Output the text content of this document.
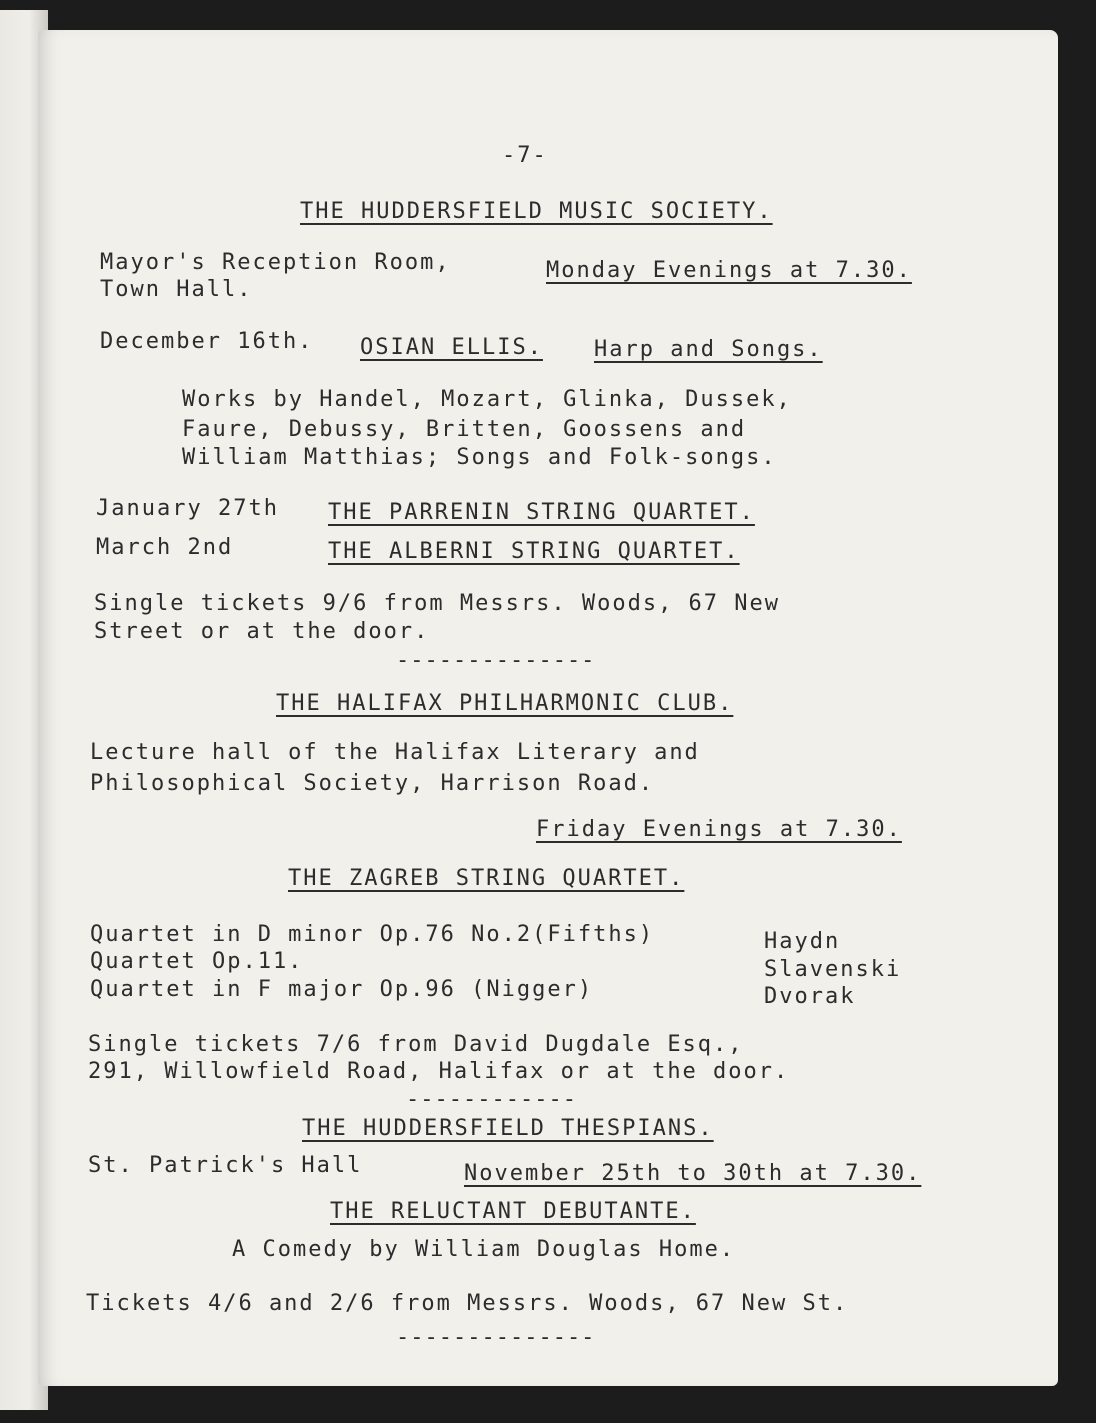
-7-
THE HUDDERSFIELD MUSIC SOCIETY.
Mayor's Reception Room,
Town Hall.
Monday Evenings at 7.30.
December 16th. OSIAN ELLIS. Harp and Songs.
Works by Handel, Mozart, Glinka, Dussek,
Faure, Debussy, Britten, Goossens and
William Matthias; Songs and Folk-songs.
January 27th THE PARRENIN STRING QUARTET.
March 2nd	THE ALBERNI STRING QUARTET.
Single tickets 9/6 from Messrs. Woods, 67 New
Street or at the door.
--------------
THE HALIFAX PHILHARMONIC CLUB.
Lecture hall of the Halifax Literary and
Philosophical Society, Harrison Road.
Friday Evenings at 7.30.
THE ZAGREB STRING QUARTET.
Quartet in D minor Op.76 No.2(Fifths)	Haydn
Quartet Op.11.	Slavenski
Quartet in F major Op.96 (Nigger)	Dvorak
Single tickets 7/6 from David Dugdale Esq.,
291, Willowfield Road, Halifax or at the door.
------------
THE HUDDERSFIELD THESPIANS.
St. Patrick's Hall	November 25th to 30th at 7.30.
THE RELUCTANT DEBUTANTE.
A Comedy by William Douglas Home.
Tickets 4/6 and 2/6 from Messrs. Woods, 67 New St.
--------------
